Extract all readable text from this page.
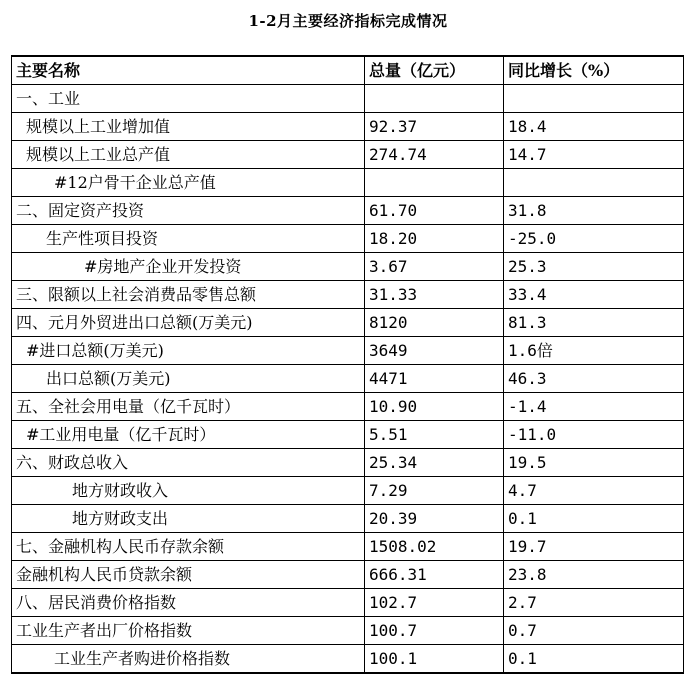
1-2月主要经济指标完成情况
主要名称	总量（亿元）	同比增长（%）
一、工业		
规模以上工业增加值	92.37	18.4
规模以上工业总产值	274.74	14.7
#12户骨干企业总产值		
二、固定资产投资	61.70	31.8
生产性项目投资	18.20	-25.0
#房地产企业开发投资	3.67	25.3
三、限额以上社会消费品零售总额	31.33	33.4
四、元月外贸进出口总额(万美元)	8120	81.3
#进口总额(万美元)	3649	1.6倍
出口总额(万美元)	4471	46.3
五、全社会用电量（亿千瓦时）	10.90	-1.4
#工业用电量（亿千瓦时）	5.51	-11.0
六、财政总收入	25.34	19.5
地方财政收入	7.29	4.7
地方财政支出	20.39	0.1
七、金融机构人民币存款余额	1508.02	19.7
金融机构人民币贷款余额	666.31	23.8
八、居民消费价格指数	102.7	2.7
工业生产者出厂价格指数	100.7	0.7
工业生产者购进价格指数	100.1	0.1
